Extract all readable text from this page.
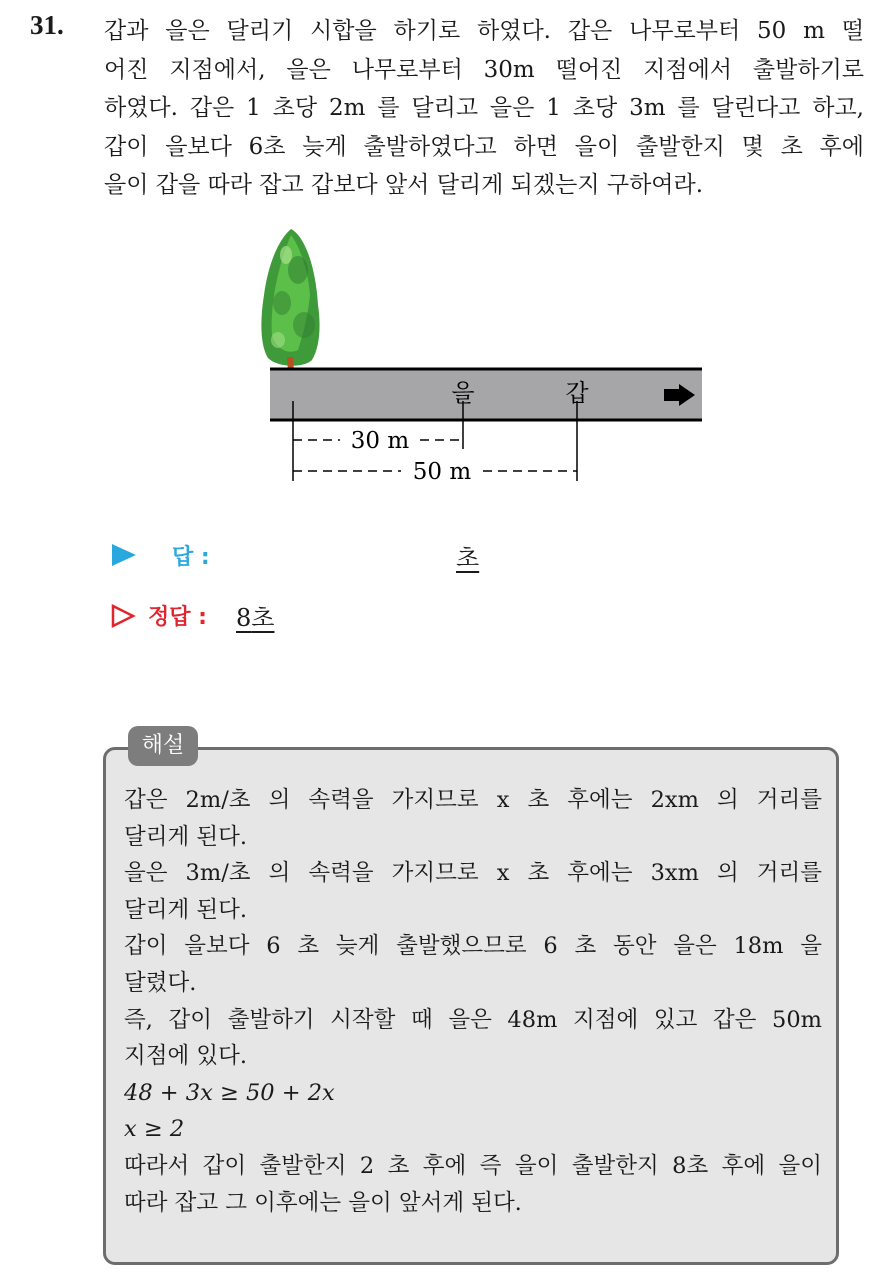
31. 갑과 을은 달리기 시합을 하기로 하였다. 갑은 나무로부터 50 m 떨
어진 지점에서, 을은 나무로부터 30m 떨어진 지점에서 출발하기로
하였다. 갑은 1 초당 2m 를 달리고 을은 1 초당 3m 를 달린다고 하고,
갑이 을보다 6초 늦게 출발하였다고 하면 을이 출발한지 몇 초 후에
을이 갑을 따라 잡고 갑보다 앞서 달리게 되겠는지 구하여라.
을	갑
30 m
50 m
답 :	초
정답 : 8초
해설
갑은 2m/초 의 속력을 가지므로 x 초 후에는 2xm 의 거리를
달리게 된다.
을은 3m/초 의 속력을 가지므로 x 초 후에는 3xm 의 거리를
달리게 된다.
갑이 을보다 6 초 늦게 출발했으므로 6 초 동안 을은 18m 을
달렸다.
즉, 갑이 출발하기 시작할 때 을은 48m 지점에 있고 갑은 50m
지점에 있다.
48 + 3x ≥ 50 + 2x
x ≥ 2
따라서 갑이 출발한지 2 초 후에 즉 을이 출발한지 8초 후에 을이
따라 잡고 그 이후에는 을이 앞서게 된다.
